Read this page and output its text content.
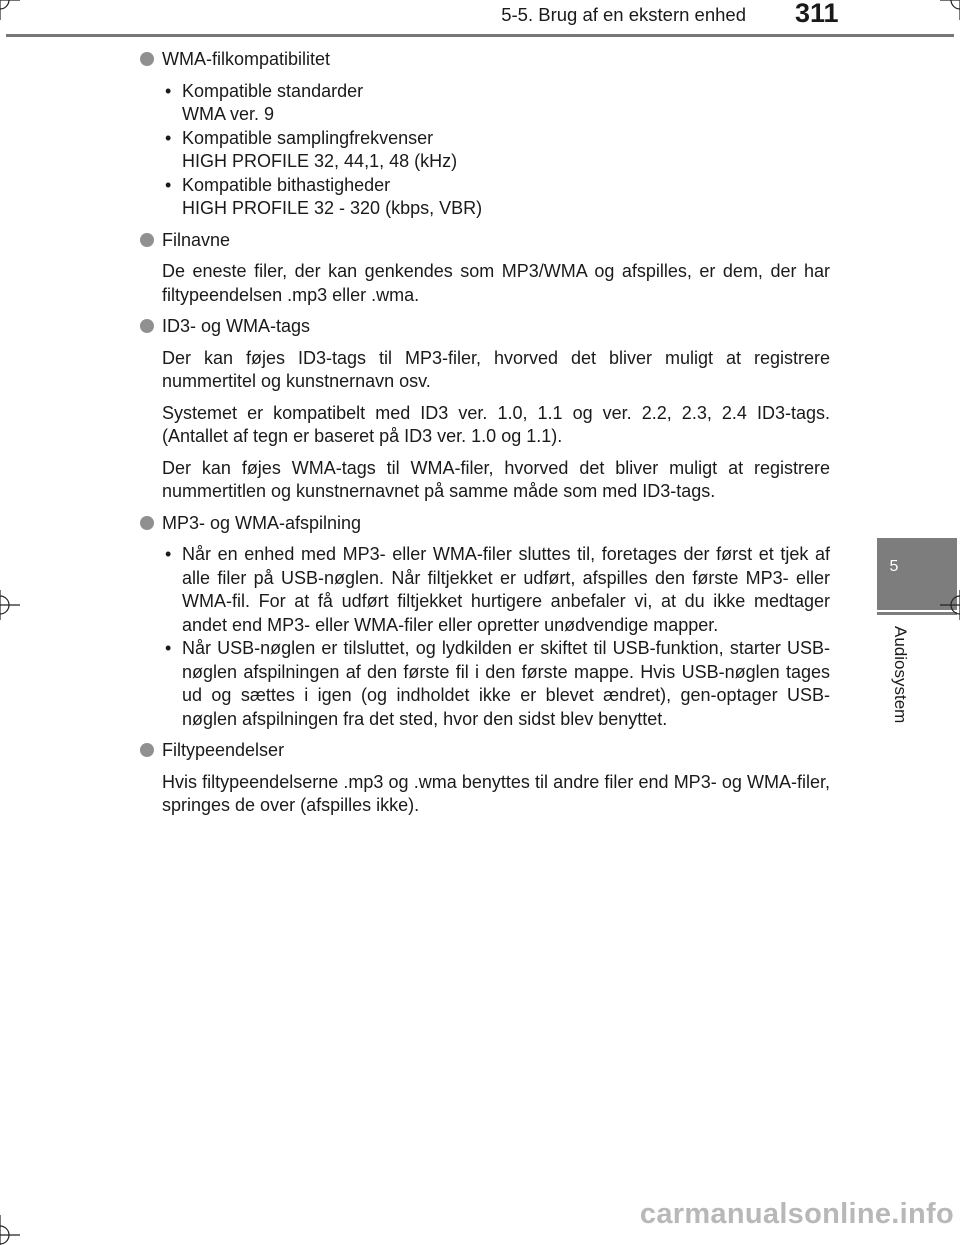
5-5. Brug af en ekstern enhed 311
5
Audiosystem
WMA-filkompatibilitet
• Kompatible standarder
WMA ver. 9
• Kompatible samplingfrekvenser
HIGH PROFILE 32, 44,1, 48 (kHz)
• Kompatible bithastigheder
HIGH PROFILE 32 - 320 (kbps, VBR)
Filnavne

De eneste filer, der kan genkendes som MP3/WMA og afspilles, er dem, der har filtypeendelsen .mp3 eller .wma.

ID3- og WMA-tags

Der kan føjes ID3-tags til MP3-filer, hvorved det bliver muligt at registrere nummertitel og kunstnernavn osv.

Systemet er kompatibelt med ID3 ver. 1.0, 1.1 og ver. 2.2, 2.3, 2.4 ID3-tags. (Antallet af tegn er baseret på ID3 ver. 1.0 og 1.1).

Der kan føjes WMA-tags til WMA-filer, hvorved det bliver muligt at registrere nummertitlen og kunstnernavnet på samme måde som med ID3-tags.

MP3- og WMA-afspilning
• Når en enhed med MP3- eller WMA-filer sluttes til, foretages der først et tjek af alle filer på USB-nøglen. Når filtjekket er udført, afspilles den første MP3- eller WMA-fil. For at få udført filtjekket hurtigere anbefaler vi, at du ikke medtager andet end MP3- eller WMA-filer eller opretter unødvendige mapper.
• Når USB-nøglen er tilsluttet, og lydkilden er skiftet til USB-funktion, starter USB-nøglen afspilningen af den første fil i den første mappe. Hvis USB-nøglen tages ud og sættes i igen (og indholdet ikke er blevet ændret), gen-optager USB-nøglen afspilningen fra det sted, hvor den sidst blev benyttet.
Filtypeendelser

Hvis filtypeendelserne .mp3 og .wma benyttes til andre filer end MP3- og WMA-filer, springes de over (afspilles ikke).

carmanualsonline.info
